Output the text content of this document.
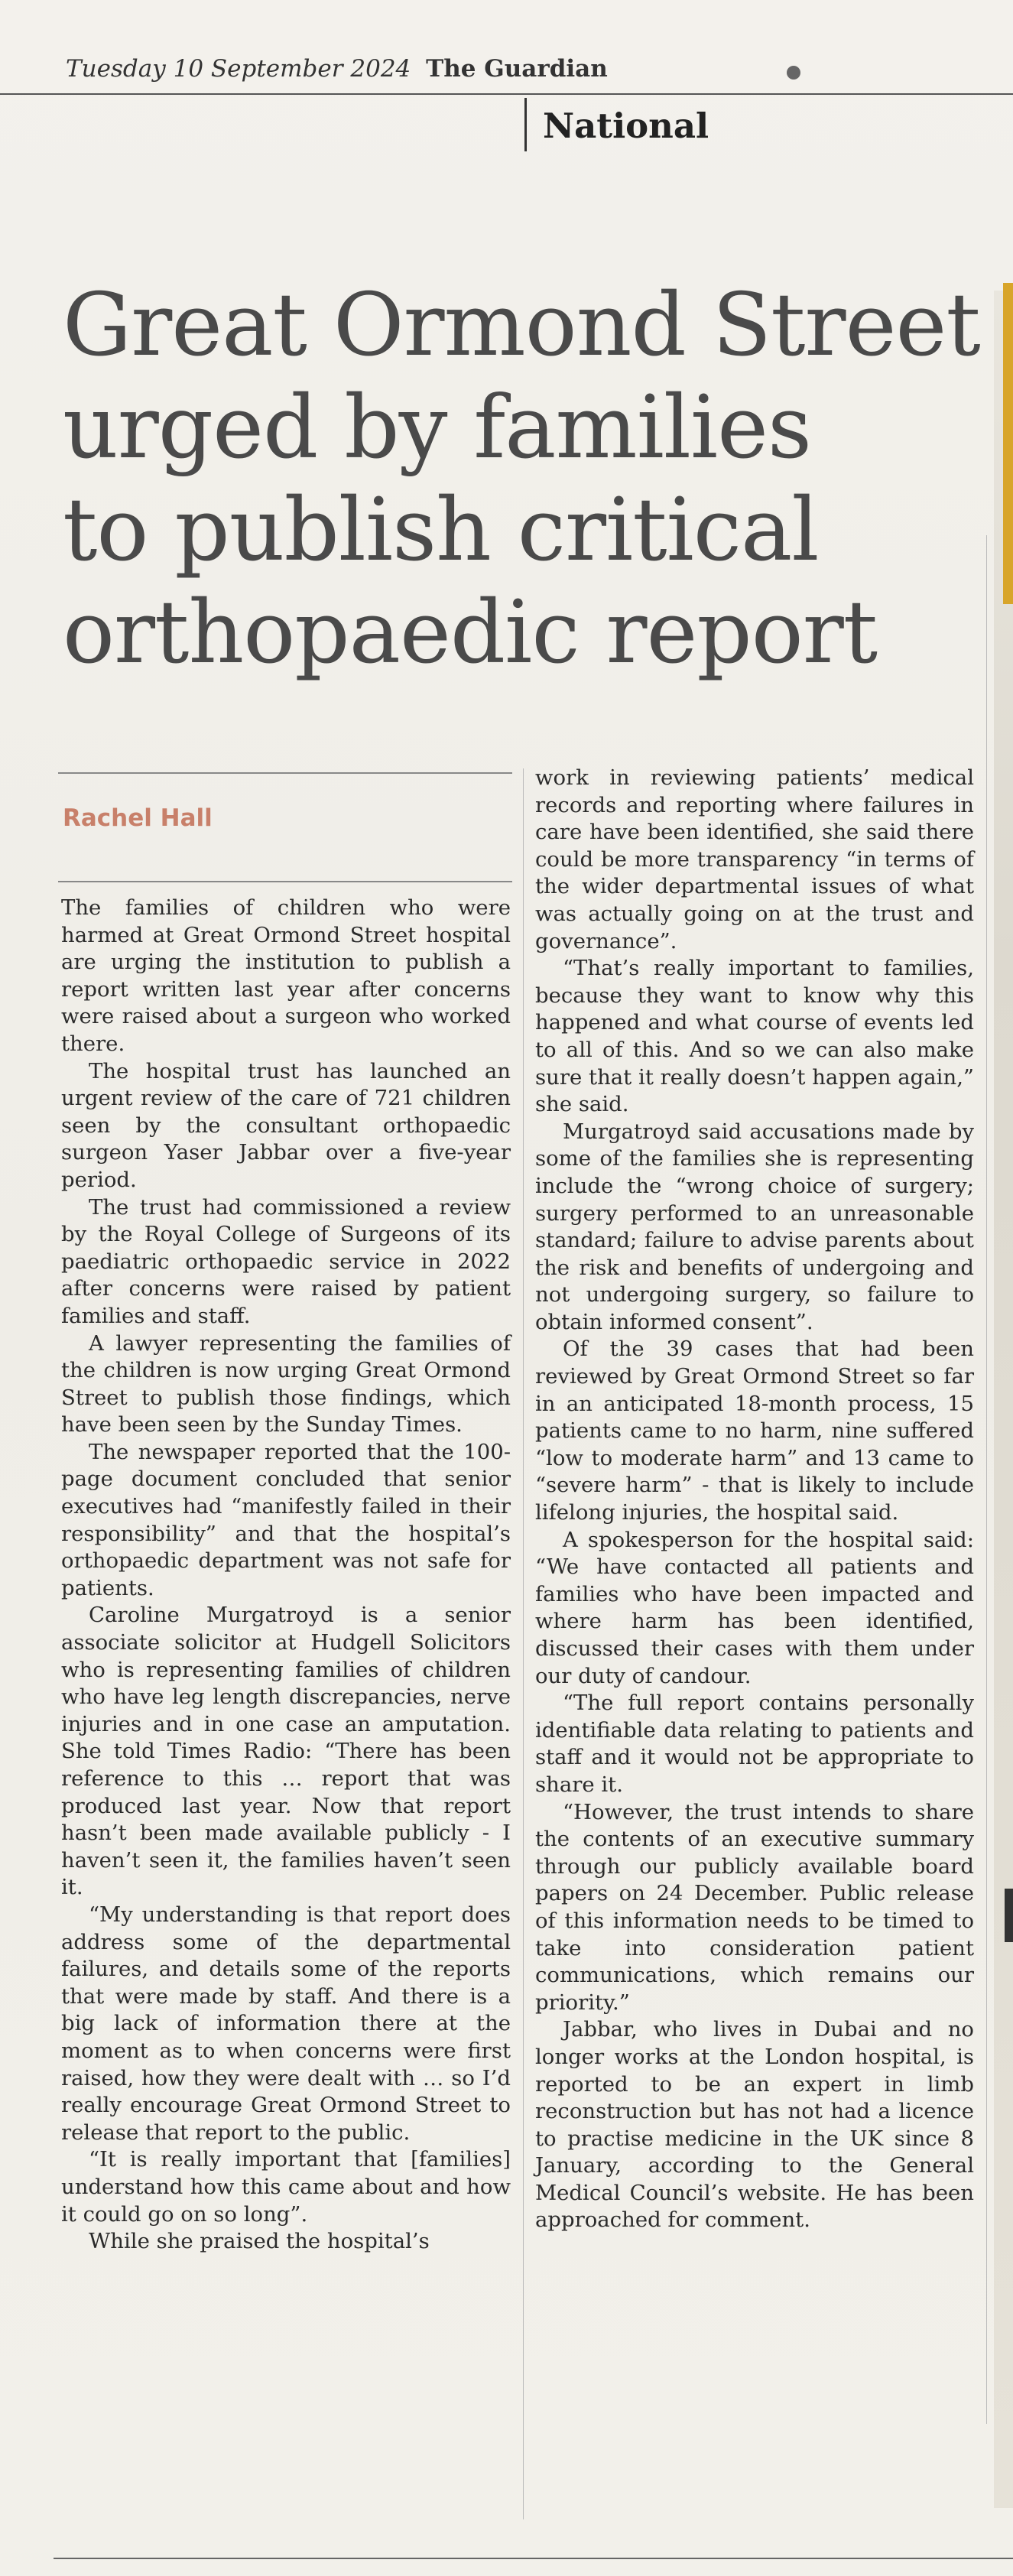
Tuesday 10 September 2024 The Guardian
National
Great Ormond Street
urged by families
to publish critical
orthopaedic report
Rachel Hall

The families of children who were harmed at Great Ormond Street hospital are urging the institution to publish a report written last year after concerns were raised about a surgeon who worked there.

The hospital trust has launched an urgent review of the care of 721 children seen by the consultant orthopaedic surgeon Yaser Jabbar over a five-year period.

The trust had commissioned a review by the Royal College of Surgeons of its paediatric orthopaedic service in 2022 after concerns were raised by patient families and staff.

A lawyer representing the families of the children is now urging Great Ormond Street to publish those findings, which have been seen by the Sunday Times.

The newspaper reported that the 100-page document concluded that senior executives had “manifestly failed in their responsibility” and that the hospital’s orthopaedic department was not safe for patients.

Caroline Murgatroyd is a senior associate solicitor at Hudgell Solicitors who is representing families of children who have leg length discrepancies, nerve injuries and in one case an amputation. She told Times Radio: “There has been reference to this … report that was produced last year. Now that report hasn’t been made available publicly - I haven’t seen it, the families haven’t seen it.

“My understanding is that report does address some of the departmental failures, and details some of the reports that were made by staff. And there is a big lack of information there at the moment as to when concerns were first raised, how they were dealt with … so I’d really encourage Great Ormond Street to release that report to the public.

“It is really important that [families] understand how this came about and how it could go on so long”.

While she praised the hospital’s

work in reviewing patients’ medical records and reporting where failures in care have been identified, she said there could be more transparency “in terms of the wider departmental issues of what was actually going on at the trust and governance”.

“That’s really important to families, because they want to know why this happened and what course of events led to all of this. And so we can also make sure that it really doesn’t happen again,” she said.

Murgatroyd said accusations made by some of the families she is representing include the “wrong choice of surgery; surgery performed to an unreasonable standard; failure to advise parents about the risk and benefits of undergoing and not undergoing surgery, so failure to obtain informed consent”.

Of the 39 cases that had been reviewed by Great Ormond Street so far in an anticipated 18-month process, 15 patients came to no harm, nine suffered “low to moderate harm” and 13 came to “severe harm” - that is likely to include lifelong injuries, the hospital said.

A spokesperson for the hospital said: “We have contacted all patients and families who have been impacted and where harm has been identified, discussed their cases with them under our duty of candour.

“The full report contains personally identifiable data relating to patients and staff and it would not be appropriate to share it.

“However, the trust intends to share the contents of an executive summary through our publicly available board papers on 24 December. Public release of this information needs to be timed to take into consideration patient communications, which remains our priority.”

Jabbar, who lives in Dubai and no longer works at the London hospital, is reported to be an expert in limb reconstruction but has not had a licence to practise medicine in the UK since 8 January, according to the General Medical Council’s website. He has been approached for comment.
